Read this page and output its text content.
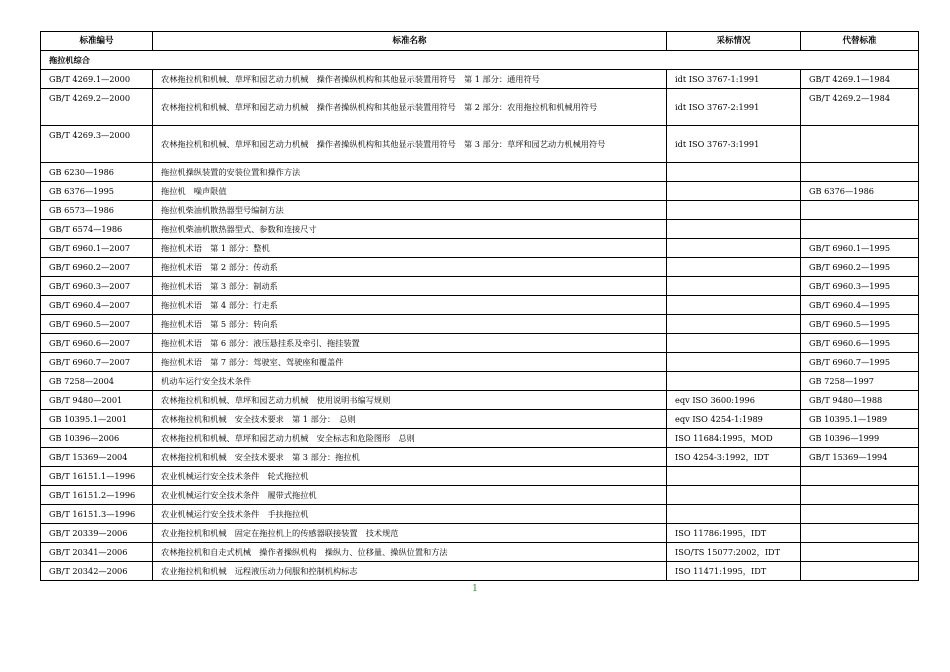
标准编号	标准名称	采标情况	代替标准
拖拉机综合			
GB/T 4269.1—2000	农林拖拉机和机械、草坪和园艺动力机械　操作者操纵机构和其他显示装置用符号　第 1 部分：通用符号	idt ISO 3767-1:1991	GB/T 4269.1—1984
GB/T 4269.2—2000	农林拖拉机和机械、草坪和园艺动力机械　操作者操纵机构和其他显示装置用符号　第 2 部分：农用拖拉机和机械用符号	idt ISO 3767-2:1991	GB/T 4269.2—1984
GB/T 4269.3—2000	农林拖拉机和机械、草坪和园艺动力机械　操作者操纵机构和其他显示装置用符号　第 3 部分：草坪和园艺动力机械用符号	idt ISO 3767-3:1991	
GB 6230—1986	拖拉机操纵装置的安装位置和操作方法		
GB 6376—1995	拖拉机　噪声限值		GB 6376—1986
GB 6573—1986	拖拉机柴油机散热器型号编制方法		
GB/T 6574—1986	拖拉机柴油机散热器型式、参数和连接尺寸		
GB/T 6960.1—2007	拖拉机术语　第 1 部分：整机		GB/T 6960.1—1995
GB/T 6960.2—2007	拖拉机术语　第 2 部分：传动系		GB/T 6960.2—1995
GB/T 6960.3—2007	拖拉机术语　第 3 部分：制动系		GB/T 6960.3—1995
GB/T 6960.4—2007	拖拉机术语　第 4 部分：行走系		GB/T 6960.4—1995
GB/T 6960.5—2007	拖拉机术语　第 5 部分：转向系		GB/T 6960.5—1995
GB/T 6960.6—2007	拖拉机术语　第 6 部分：液压悬挂系及牵引、拖挂装置		GB/T 6960.6—1995
GB/T 6960.7—2007	拖拉机术语　第 7 部分：驾驶室、驾驶座和覆盖件		GB/T 6960.7—1995
GB 7258—2004	机动车运行安全技术条件		GB 7258—1997
GB/T 9480—2001	农林拖拉机和机械、草坪和园艺动力机械　使用说明书编写规则	eqv ISO 3600:1996	GB/T 9480—1988
GB 10395.1—2001	农林拖拉机和机械　安全技术要求　第 1 部分：　总则	eqv ISO 4254-1:1989	GB 10395.1—1989
GB 10396—2006	农林拖拉机和机械、草坪和园艺动力机械　安全标志和危险图形　总则	ISO 11684:1995，MOD	GB 10396—1999
GB/T 15369—2004	农林拖拉机和机械　安全技术要求　第 3 部分：拖拉机	ISO 4254-3:1992，IDT	GB/T 15369—1994
GB/T 16151.1—1996	农业机械运行安全技术条件　轮式拖拉机		
GB/T 16151.2—1996	农业机械运行安全技术条件　履带式拖拉机		
GB/T 16151.3—1996	农业机械运行安全技术条件　手扶拖拉机		
GB/T 20339—2006	农业拖拉机和机械　固定在拖拉机上的传感器联接装置　技术规范	ISO 11786:1995，IDT	
GB/T 20341—2006	农林拖拉机和自走式机械　操作者操纵机构　操纵力、位移量、操纵位置和方法	ISO/TS 15077:2002，IDT	
GB/T 20342—2006	农业拖拉机和机械　远程液压动力伺服和控制机构标志	ISO 11471:1995，IDT	
1
